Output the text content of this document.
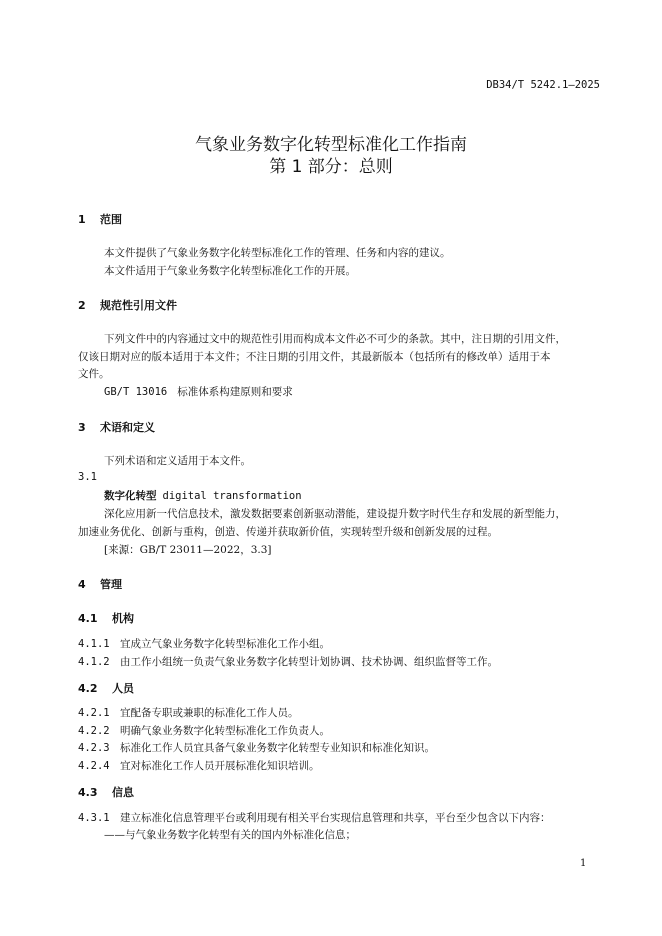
DB34/T 5242.1—2025
气象业务数字化转型标准化工作指南
第 1 部分：总则
1 范围
本文件提供了气象业务数字化转型标准化工作的管理、任务和内容的建议。
本文件适用于气象业务数字化转型标准化工作的开展。
2 规范性引用文件
下列文件中的内容通过文中的规范性引用而构成本文件必不可少的条款。其中，注日期的引用文件，
仅该日期对应的版本适用于本文件；不注日期的引用文件，其最新版本（包括所有的修改单）适用于本
文件。
GB/T 13016 标准体系构建原则和要求
3 术语和定义
下列术语和定义适用于本文件。
3.1
数字化转型 digital transformation
深化应用新一代信息技术，激发数据要素创新驱动潜能，建设提升数字时代生存和发展的新型能力，
加速业务优化、创新与重构，创造、传递并获取新价值，实现转型升级和创新发展的过程。
[来源：GB/T 23011—2022，3.3]
4 管理
4.1 机构
4.1.1 宜成立气象业务数字化转型标准化工作小组。
4.1.2 由工作小组统一负责气象业务数字化转型计划协调、技术协调、组织监督等工作。
4.2 人员
4.2.1 宜配备专职或兼职的标准化工作人员。
4.2.2 明确气象业务数字化转型标准化工作负责人。
4.2.3 标准化工作人员宜具备气象业务数字化转型专业知识和标准化知识。
4.2.4 宜对标准化工作人员开展标准化知识培训。
4.3 信息
4.3.1 建立标准化信息管理平台或利用现有相关平台实现信息管理和共享，平台至少包含以下内容：
——与气象业务数字化转型有关的国内外标准化信息；
1
